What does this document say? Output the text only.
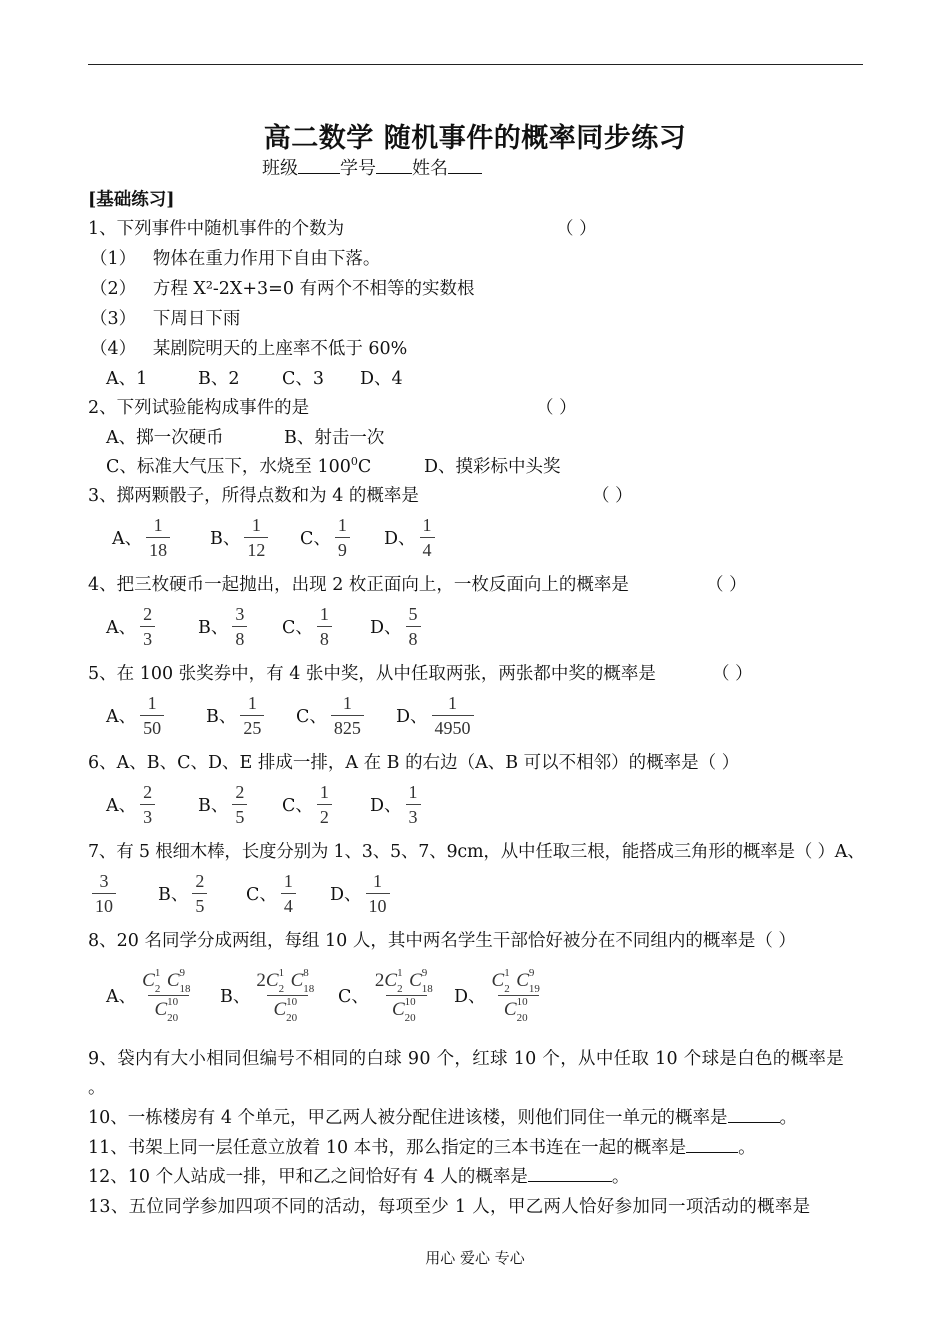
高二数学 随机事件的概率同步练习
班级 学号 姓名
[基础练习]
1、下列事件中随机事件的个数为	（ ）
（1） 物体在重力作用下自由下落。
（2） 方程 X²-2X+3=0 有两个不相等的实数根
（3） 下周日下雨
（4） 某剧院明天的上座率不低于 60%
A、1	B、2 C、3 D、4
2、下列试验能构成事件的是	（ ）
A、掷一次硬币	B、射击一次
C、标准大气压下，水烧至 $100^0C$	D、摸彩标中头奖
3、掷两颗骰子，所得点数和为 4 的概率是	（ ）
A、 $\frac{1}{18}$ B、 $\frac{1}{12}$ C、 $\frac{1}{9}$ D、 $\frac{1}{4}$
4、把三枚硬币一起抛出，出现 2 枚正面向上，一枚反面向上的概率是	（ ）
A、 $\frac{2}{3}$ B、 $\frac{3}{8}$ C、 $\frac{1}{8}$ D、 $\frac{5}{8}$
5、在 100 张奖券中，有 4 张中奖，从中任取两张，两张都中奖的概率是	（ ）
A、 $\frac{1}{50}$ B、 $\frac{1}{25}$ C、 $\frac{1}{825}$ D、 $\frac{1}{4950}$
6、A、B、C、D、E 排成一排，A 在 B 的右边（A、B 可以不相邻）的概率是（ ）
A、 $\frac{2}{3}$ B、 $\frac{2}{5}$ C、 $\frac{1}{2}$ D、 $\frac{1}{3}$
7、有 5 根细木棒，长度分别为 1、3、5、7、9cm，从中任取三根，能搭成三角形的概率是（ ）A、
$\frac{3}{10}$ B、 $\frac{2}{5}$ C、 $\frac{1}{4}$ D、 $\frac{1}{10}$
8、20 名同学分成两组，每组 10 人，其中两名学生干部恰好被分在不同组内的概率是（ ）
A、 C 1
2 C 9
18
C 10
20 B、 2C 1
2 C 8
18
C 10
20 C、 2C 1
2 C 9
18
C 10
20 D、 C 1
2 C 9
19
C 10
20
9、袋内有大小相同但编号不相同的白球 90 个，红球 10 个，从中任取 10 个球是白色的概率是
。
10、一栋楼房有 4 个单元，甲乙两人被分配住进该楼，则他们同住一单元的概率是	。
11、书架上同一层任意立放着 10 本书，那么指定的三本书连在一起的概率是	。
12、10 个人站成一排，甲和乙之间恰好有 4 人的概率是	。
13、五位同学参加四项不同的活动，每项至少 1 人，甲乙两人恰好参加同一项活动的概率是
用心 爱心 专心
